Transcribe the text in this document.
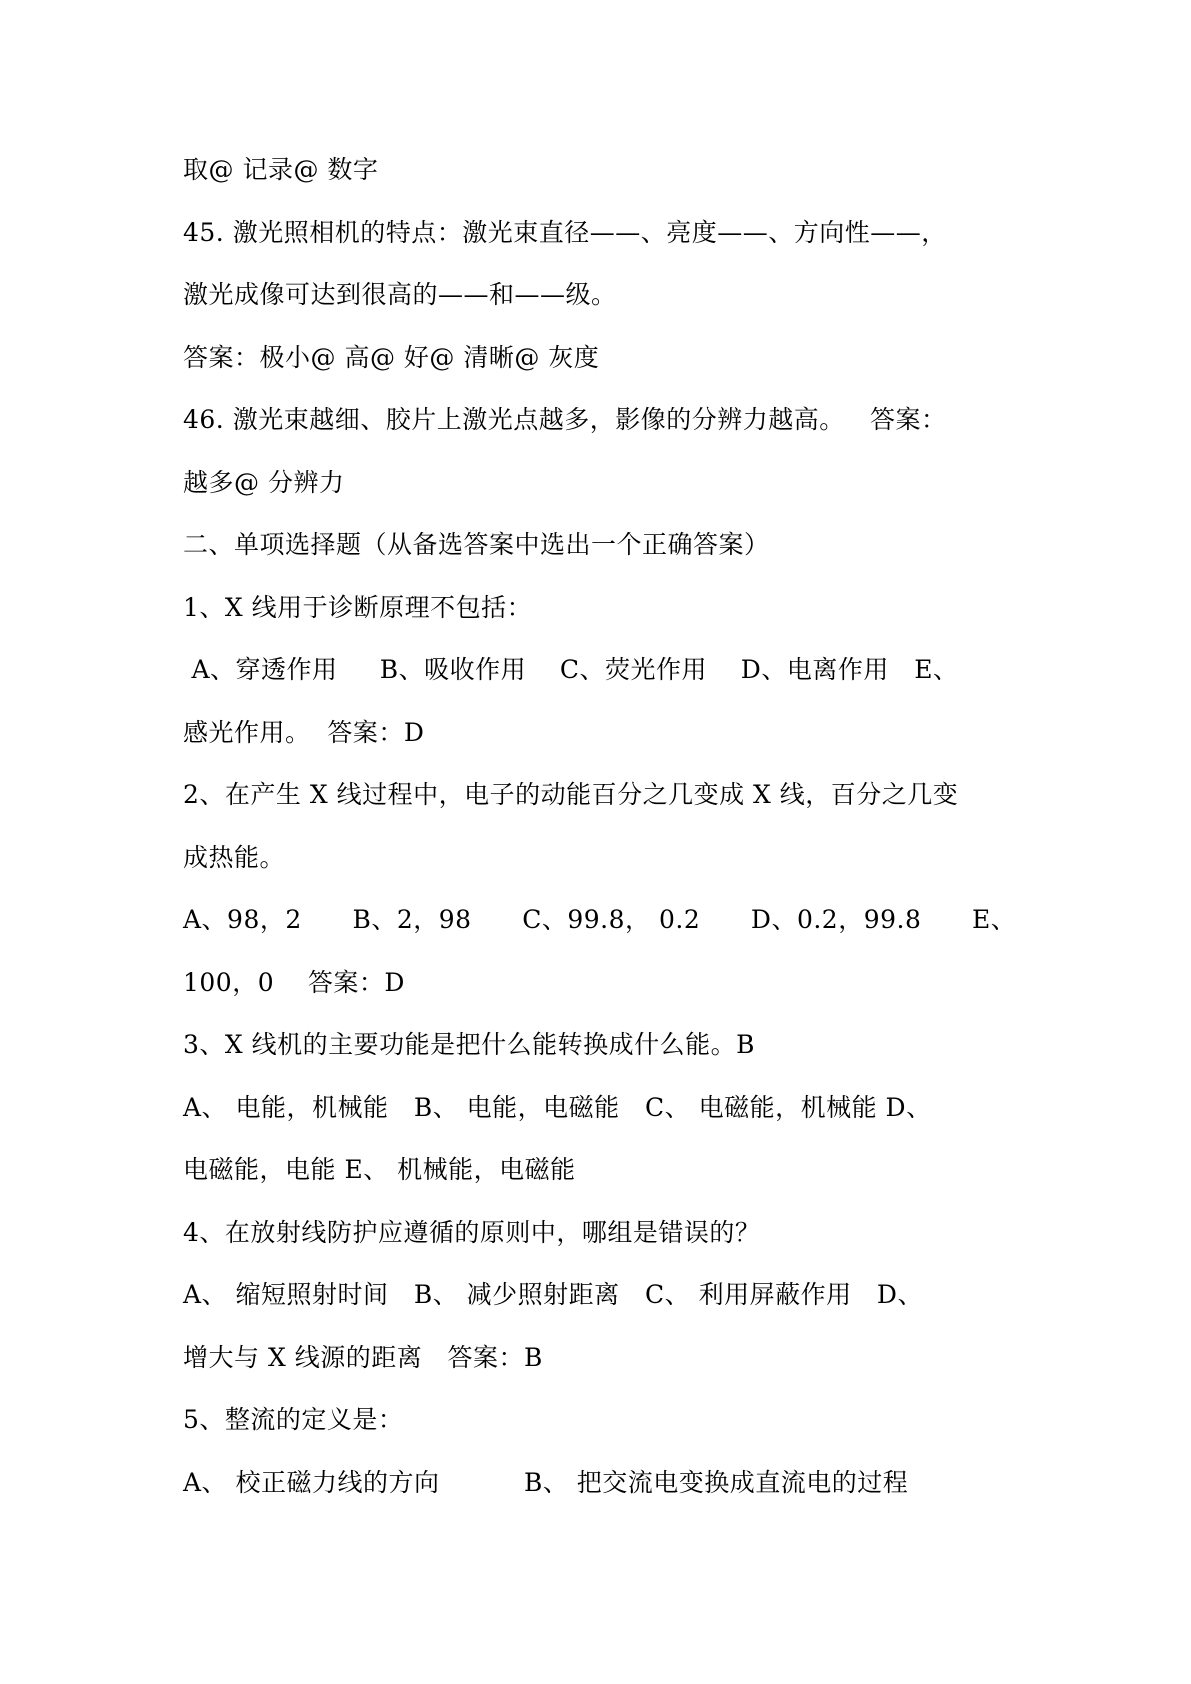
取@ 记录@ 数字
45. 激光照相机的特点：激光束直径——、亮度——、方向性——，
激光成像可达到很高的——和——级。
答案：极小@ 高@ 好@ 清晰@ 灰度
46. 激光束越细、胶片上激光点越多，影像的分辨力越高。   答案：
越多@ 分辨力
二、单项选择题（从备选答案中选出一个正确答案）
1、X 线用于诊断原理不包括：
A、穿透作用     B、吸收作用    C、荧光作用    D、电离作用   E、
感光作用。  答案：D
2、在产生 X 线过程中，电子的动能百分之几变成 X 线，百分之几变
成热能。
A、98，2      B、2，98      C、99.8， 0.2      D、0.2，99.8      E、
100，0    答案：D
3、X 线机的主要功能是把什么能转换成什么能。B
A、 电能，机械能   B、 电能，电磁能   C、 电磁能，机械能 D、
电磁能，电能 E、 机械能，电磁能
4、在放射线防护应遵循的原则中，哪组是错误的？
A、 缩短照射时间   B、 减少照射距离   C、 利用屏蔽作用   D、
增大与 X 线源的距离   答案：B
5、整流的定义是：
A、 校正磁力线的方向          B、 把交流电变换成直流电的过程
